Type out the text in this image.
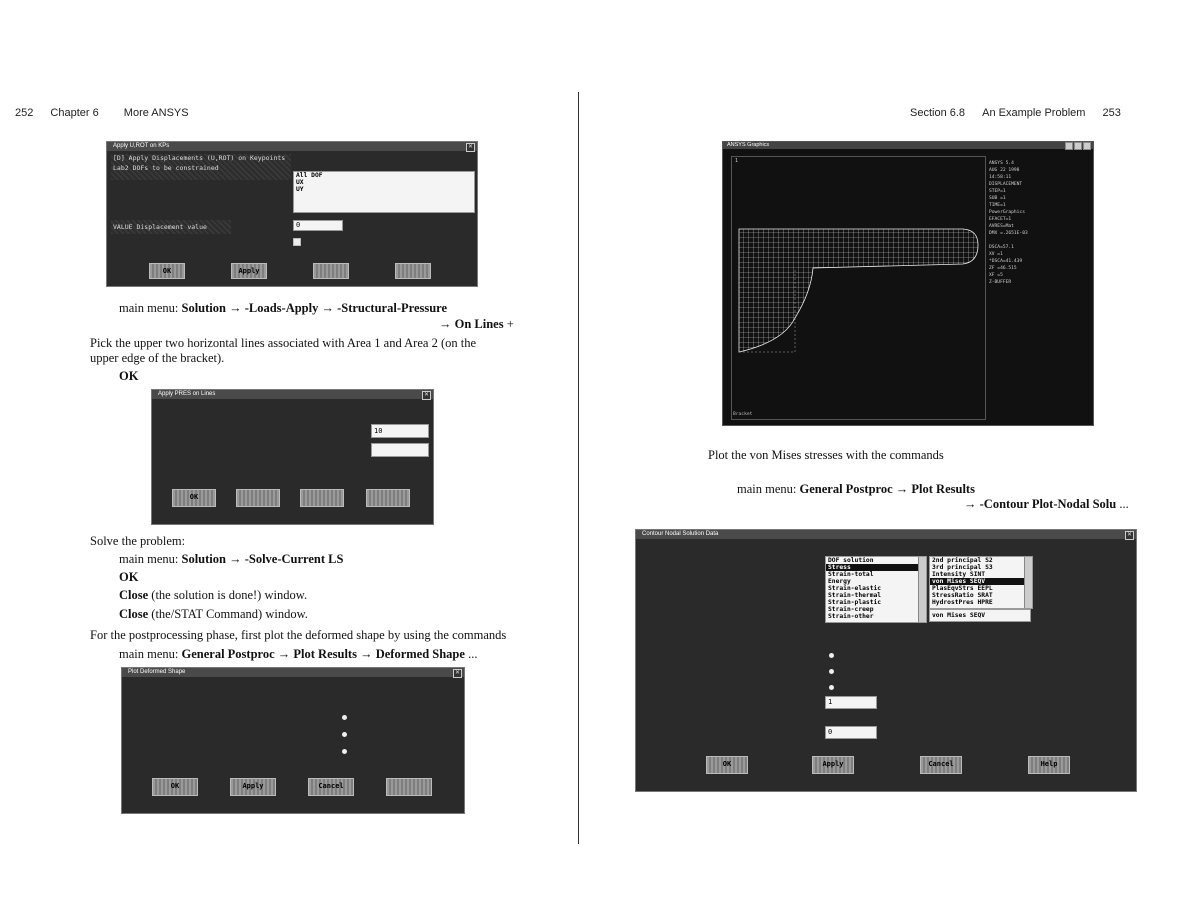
252 Chapter 6 More ANSYS	Section 6.8 An Example Problem 253
Apply U,ROT on KPs	✕
[D] Apply Displacements (U,ROT) on Keypoints
Lab2 DOFs to be constrained
All DOF
UX
UY
VALUE Displacement value	0
OK	Apply
main menu: Solution → -Loads-Apply → -Structural-Pressure
→ On Lines +
Pick the upper two horizontal lines associated with Area 1 and Area 2 (on the
upper edge of the bracket).
OK
Apply PRES on Lines	✕
10
OK
Solve the problem:
main menu: Solution → -Solve-Current LS
OK
Close (the solution is done!) window.
Close (the/STAT Command) window.
For the postprocessing phase, first plot the deformed shape by using the commands
main menu: General Postproc → Plot Results → Deformed Shape ...
Plot Deformed Shape	✕
OK	Apply	Cancel
ANSYS Graphics
1	ANSYS 5.4
AUG 22 1998
14:58:11
DISPLACEMENT
STEP=1
SUB =1
TIME=1
PowerGraphics
EFACET=1
AVRES=Mat
DMX =.2651E-03
DSCA=57.1
XV =1
*DSCA=41.439
ZF =46.515
XF =5
Z-BUFFER
Bracket
Plot the von Mises stresses with the commands
main menu: General Postproc → Plot Results
→ -Contour Plot-Nodal Solu ...
Contour Nodal Solution Data	✕
DOF solution
Stress
Strain-total
Energy
Strain-elastic
Strain-thermal
Strain-plastic
Strain-creep
Strain-other
2nd principal S2
3rd principal S3
Intensity SINT
von Mises SEQV
PlasEqvStrs EEPL
StressRatio SRAT
HydrostPres HPRE
von Mises SEQV
1
0
OK	Apply	Cancel	Help
